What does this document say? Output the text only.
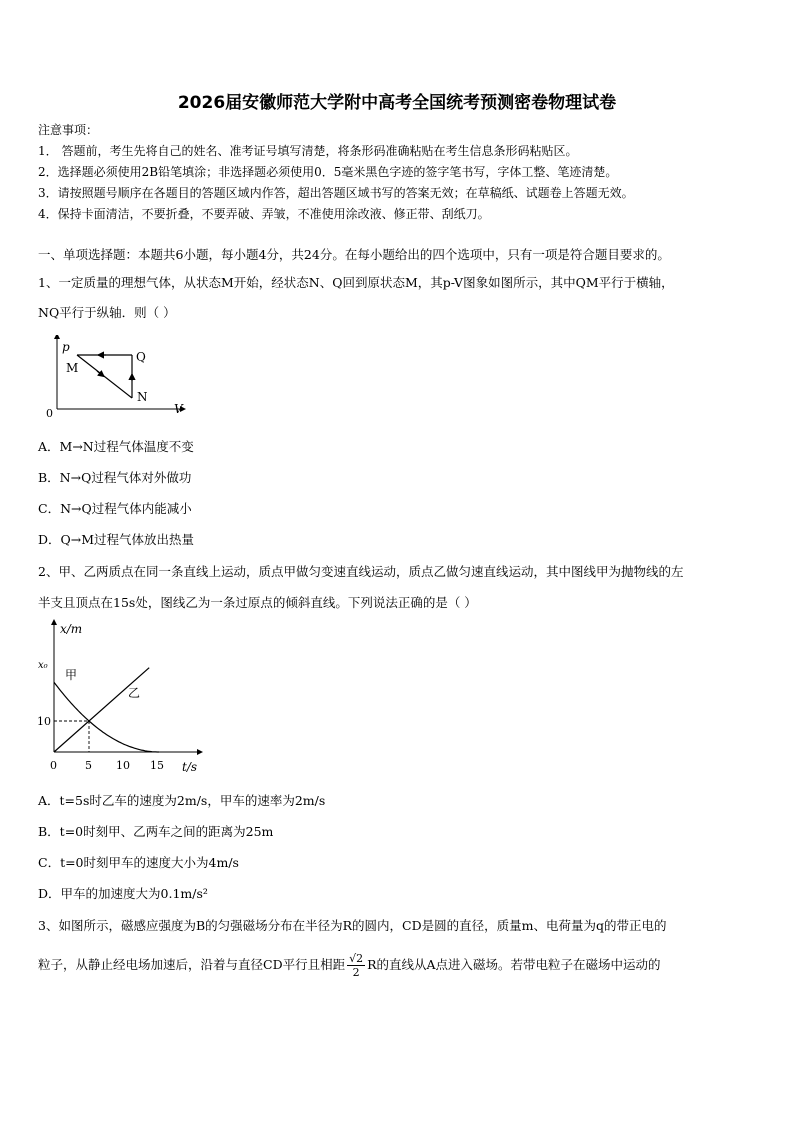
2026届安徽师范大学附中高考全国统考预测密卷物理试卷
注意事项：
1． 答题前，考生先将自己的姓名、准考证号填写清楚，将条形码准确粘贴在考生信息条形码粘贴区。
2．选择题必须使用2B铅笔填涂；非选择题必须使用0．5毫米黑色字迹的签字笔书写，字体工整、笔迹清楚。
3．请按照题号顺序在各题目的答题区域内作答，超出答题区域书写的答案无效；在草稿纸、试题卷上答题无效。
4．保持卡面清洁，不要折叠，不要弄破、弄皱，不准使用涂改液、修正带、刮纸刀。
一、单项选择题：本题共6小题，每小题4分，共24分。在每小题给出的四个选项中，只有一项是符合题目要求的。
1、一定质量的理想气体，从状态M开始，经状态N、Q回到原状态M，其p-V图象如图所示，其中QM平行于横轴，
NQ平行于纵轴．则（ ）
p
V
0
M
N
Q
A．M→N过程气体温度不变
B．N→Q过程气体对外做功
C．N→Q过程气体内能减小
D．Q→M过程气体放出热量
2、甲、乙两质点在同一条直线上运动，质点甲做匀变速直线运动，质点乙做匀速直线运动，其中图线甲为抛物线的左
半支且顶点在15s处，图线乙为一条过原点的倾斜直线。下列说法正确的是（ ）
x/m
t/s
x₀
10
0	5 10 15
甲
乙
A．t=5s时乙车的速度为2m/s，甲车的速率为2m/s
B．t=0时刻甲、乙两车之间的距离为25m
C．t=0时刻甲车的速度大小为4m/s
D．甲车的加速度大为0.1m/s²
3、如图所示，磁感应强度为B的匀强磁场分布在半径为R的圆内，CD是圆的直径，质量m、电荷量为q的带正电的
粒子，从静止经电场加速后，沿着与直径CD平行且相距 $\frac{√2}{2}$ R的直线从A点进入磁场。若带电粒子在磁场中运动的
